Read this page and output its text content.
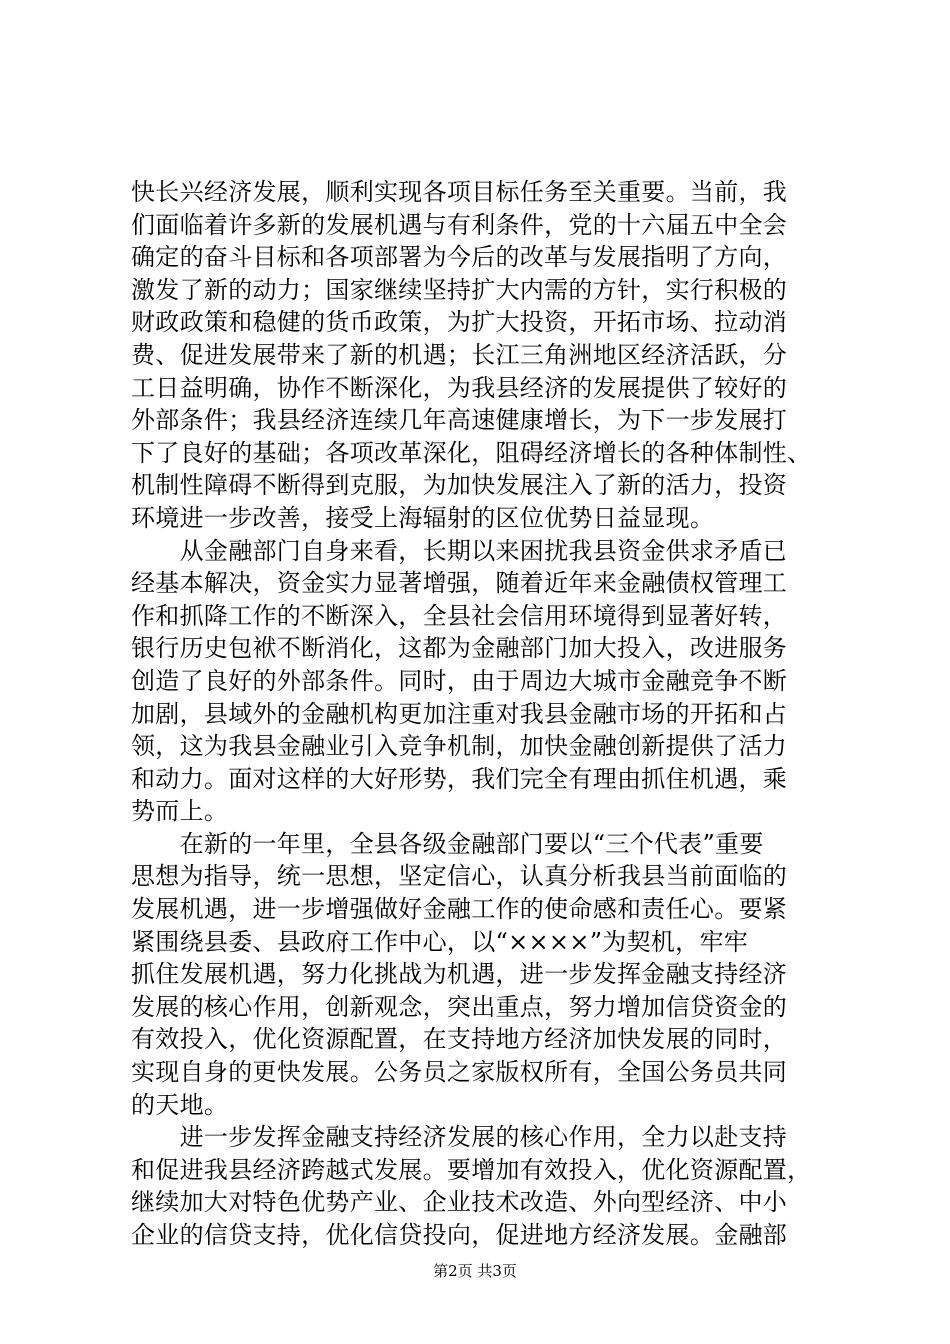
快长兴经济发展，顺利实现各项目标任务至关重要。当前，我
们面临着许多新的发展机遇与有利条件，党的十六届五中全会
确定的奋斗目标和各项部署为今后的改革与发展指明了方向，
激发了新的动力；国家继续坚持扩大内需的方针，实行积极的
财政政策和稳健的货币政策，为扩大投资，开拓市场、拉动消
费、促进发展带来了新的机遇；长江三角洲地区经济活跃，分
工日益明确，协作不断深化，为我县经济的发展提供了较好的
外部条件；我县经济连续几年高速健康增长，为下一步发展打
下了良好的基础；各项改革深化，阻碍经济增长的各种体制性、
机制性障碍不断得到克服，为加快发展注入了新的活力，投资
环境进一步改善，接受上海辐射的区位优势日益显现。
　　从金融部门自身来看，长期以来困扰我县资金供求矛盾已
经基本解决，资金实力显著增强，随着近年来金融债权管理工
作和抓降工作的不断深入，全县社会信用环境得到显著好转，
银行历史包袱不断消化，这都为金融部门加大投入，改进服务
创造了良好的外部条件。同时，由于周边大城市金融竞争不断
加剧，县域外的金融机构更加注重对我县金融市场的开拓和占
领，这为我县金融业引入竞争机制，加快金融创新提供了活力
和动力。面对这样的大好形势，我们完全有理由抓住机遇，乘
势而上。
　　在新的一年里，全县各级金融部门要以“三个代表”重要
思想为指导，统一思想，坚定信心，认真分析我县当前面临的
发展机遇，进一步增强做好金融工作的使命感和责任心。要紧
紧围绕县委、县政府工作中心，以“××××”为契机，牢牢
抓住发展机遇，努力化挑战为机遇，进一步发挥金融支持经济
发展的核心作用，创新观念，突出重点，努力增加信贷资金的
有效投入，优化资源配置，在支持地方经济加快发展的同时，
实现自身的更快发展。公务员之家版权所有，全国公务员共同
的天地。
　　进一步发挥金融支持经济发展的核心作用，全力以赴支持
和促进我县经济跨越式发展。要增加有效投入，优化资源配置，
继续加大对特色优势产业、企业技术改造、外向型经济、中小
企业的信贷支持，优化信贷投向，促进地方经济发展。金融部
第2页 共3页
